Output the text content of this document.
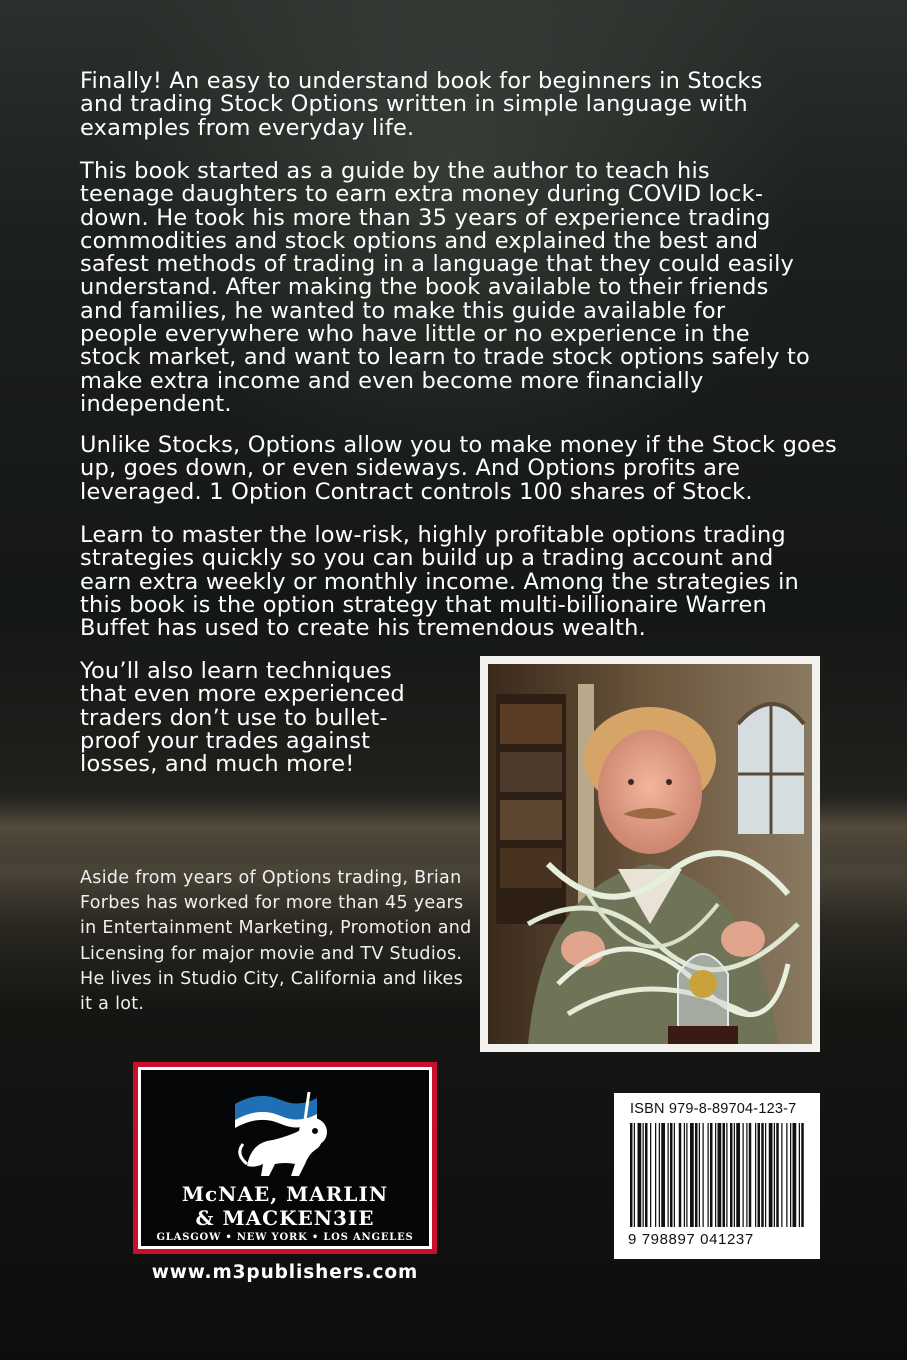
Finally! An easy to understand book for beginners in Stocks and trading Stock Options written in simple language with examples from everyday life.

This book started as a guide by the author to teach his teenage daughters to earn extra money during COVID lock-down. He took his more than 35 years of experience trading commodities and stock options and explained the best and safest methods of trading in a language that they could easily understand. After making the book available to their friends and families, he wanted to make this guide available for people everywhere who have little or no experience in the stock market, and want to learn to trade stock options safely to make extra income and even become more financially independent.

Unlike Stocks, Options allow you to make money if the Stock goes up, goes down, or even sideways. And Options profits are leveraged. 1 Option Contract controls 100 shares of Stock.

Learn to master the low-risk, highly profitable options trading strategies quickly so you can build up a trading account and earn extra weekly or monthly income. Among the strategies in this book is the option strategy that multi-billionaire Warren Buffet has used to create his tremendous wealth.

You’ll also learn techniques that even more experienced traders don’t use to bullet-proof your trades against losses, and much more!

Aside from years of Options trading, Brian Forbes has worked for more than 45 years in Entertainment Marketing, Promotion and Licensing for major movie and TV Studios. He lives in Studio City, California and likes it a lot.

McNAE, MARLIN
& MACKEN3IE
GLASGOW • NEW YORK • LOS ANGELES

www.m3publishers.com

ISBN 979-8-89704-123-7
9 798897 041237
